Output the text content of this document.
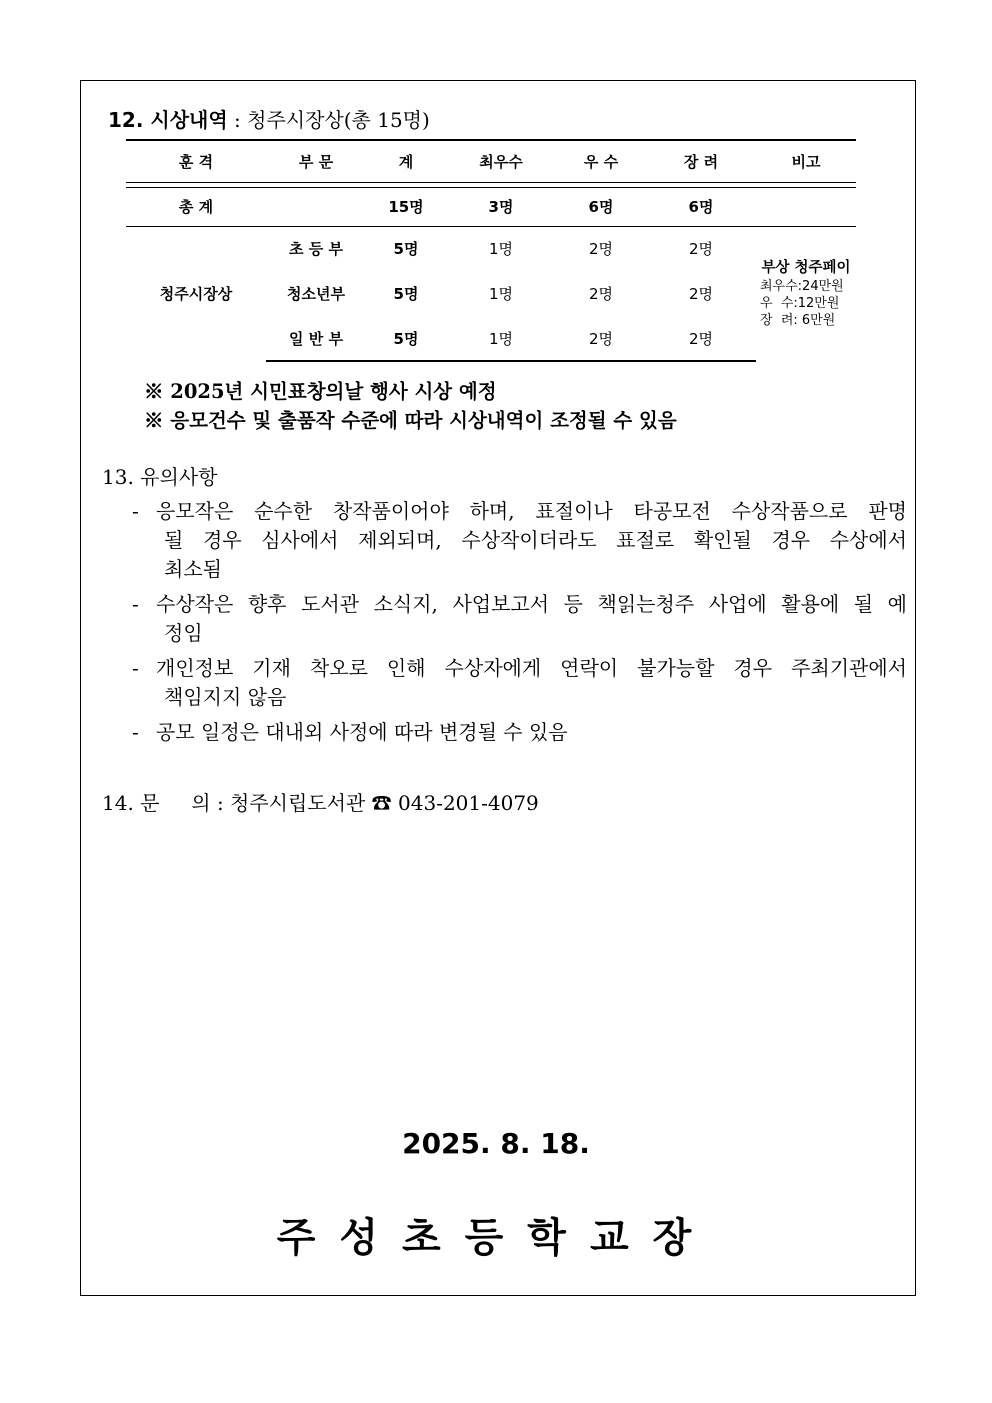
12. 시상내역 : 청주시장상(총 15명)
훈 격	부 문	계	최우수	우 수	장 려	비고

총 계		15명	3명	6명	6명	
청주시장상	초 등 부	5명	1명	2명	2명	부상 청주페이
최우수:24만원
우  수:12만원
장  려: 6만원

	청소년부	5명	1명	2명	2명	
	일 반 부	5명	1명	2명	2명	
※ 2025년 시민표창의날 행사 시상 예정
※ 응모건수 및 출품작 수준에 따라 시상내역이 조정될 수 있음
13. 유의사항
- 응모작은 순수한 창작품이어야 하며, 표절이나 타공모전 수상작품으로 판명
될 경우 심사에서 제외되며, 수상작이더라도 표절로 확인될 경우 수상에서
최소됨
- 수상작은 향후 도서관 소식지, 사업보고서 등 책읽는청주 사업에 활용에 될 예
정임
- 개인정보 기재 착오로 인해 수상자에게 연락이 불가능할 경우 주최기관에서
책임지지 않음
- 공모 일정은 대내외 사정에 따라 변경될 수 있음
14. 문     의 : 청주시립도서관 ☎ 043-201-4079
2025. 8. 18.
주성초등학교장
